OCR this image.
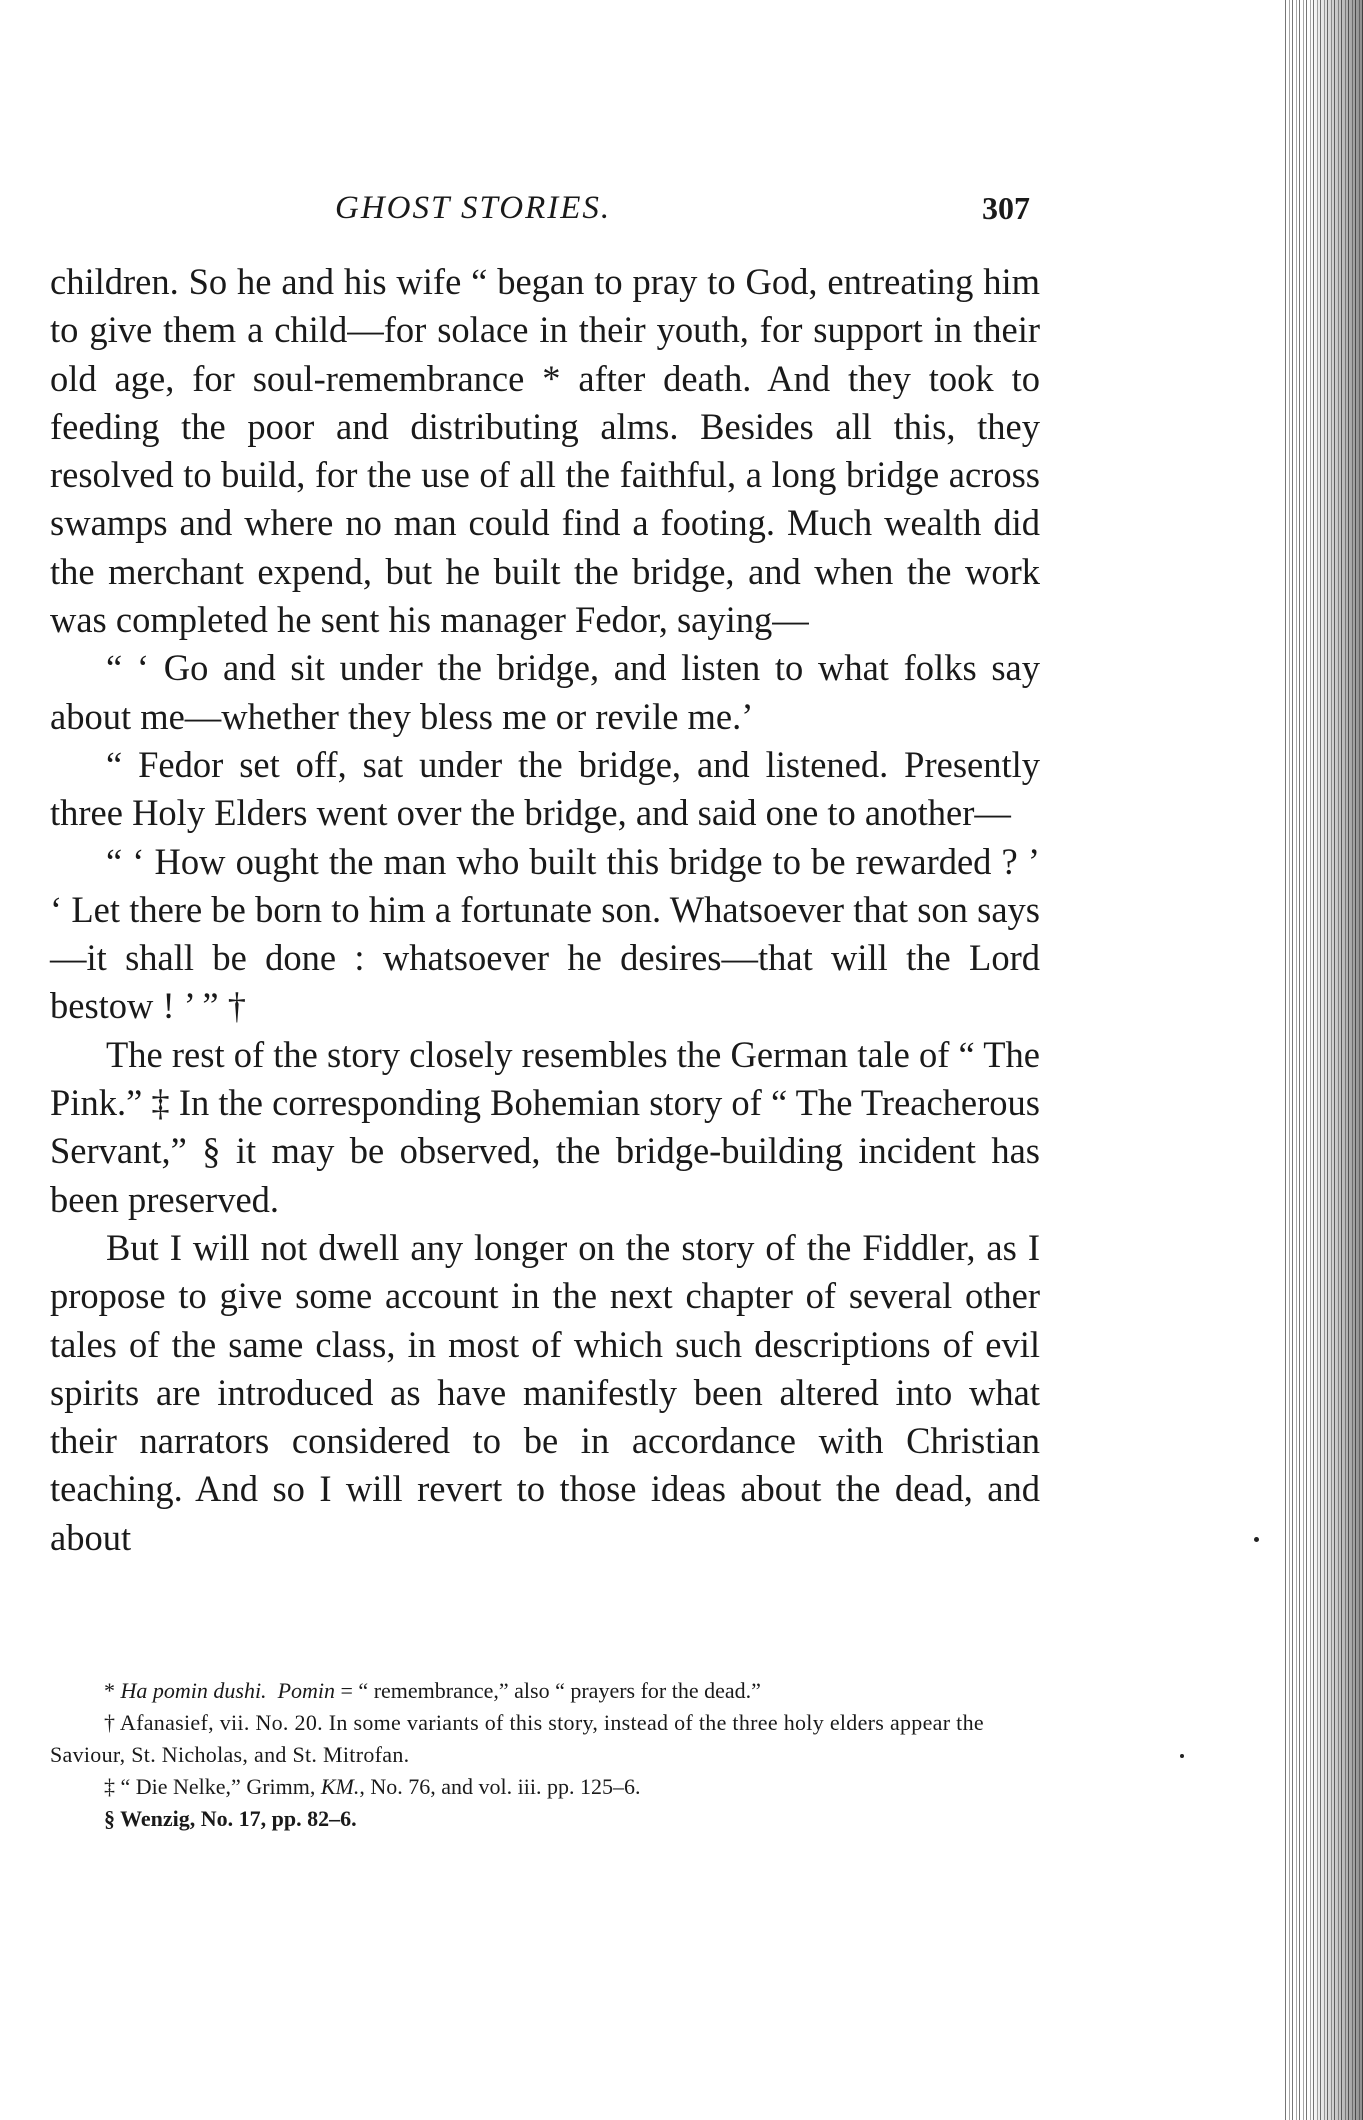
GHOST STORIES.	307

children. So he and his wife “ began to pray to God, entreating him to give them a child—for solace in their youth, for support in their old age, for soul-remembrance * after death. And they took to feeding the poor and distributing alms. Besides all this, they resolved to build, for the use of all the faithful, a long bridge across swamps and where no man could find a footing. Much wealth did the merchant expend, but he built the bridge, and when the work was completed he sent his manager Fedor, saying—

“ ‘ Go and sit under the bridge, and listen to what folks say about me—whether they bless me or revile me.’

“ Fedor set off, sat under the bridge, and listened. Presently three Holy Elders went over the bridge, and said one to another—

“ ‘ How ought the man who built this bridge to be rewarded ? ’ ‘ Let there be born to him a fortunate son. Whatsoever that son says—it shall be done : whatsoever he desires—that will the Lord bestow ! ’ ” †

The rest of the story closely resembles the German tale of “ The Pink.” ‡ In the corresponding Bohemian story of “ The Treacherous Servant,” § it may be observed, the bridge-building incident has been preserved.

But I will not dwell any longer on the story of the Fiddler, as I propose to give some account in the next chapter of several other tales of the same class, in most of which such descriptions of evil spirits are introduced as have manifestly been altered into what their narrators considered to be in accordance with Christian teaching. And so I will revert to those ideas about the dead, and about

* Ha pomin dushi. Pomin = “ remembrance,” also “ prayers for the dead.”

† Afanasief, vii. No. 20. In some variants of this story, instead of the three holy elders appear the Saviour, St. Nicholas, and St. Mitrofan.

‡ “ Die Nelke,” Grimm, KM., No. 76, and vol. iii. pp. 125–6.

§ Wenzig, No. 17, pp. 82–6.
